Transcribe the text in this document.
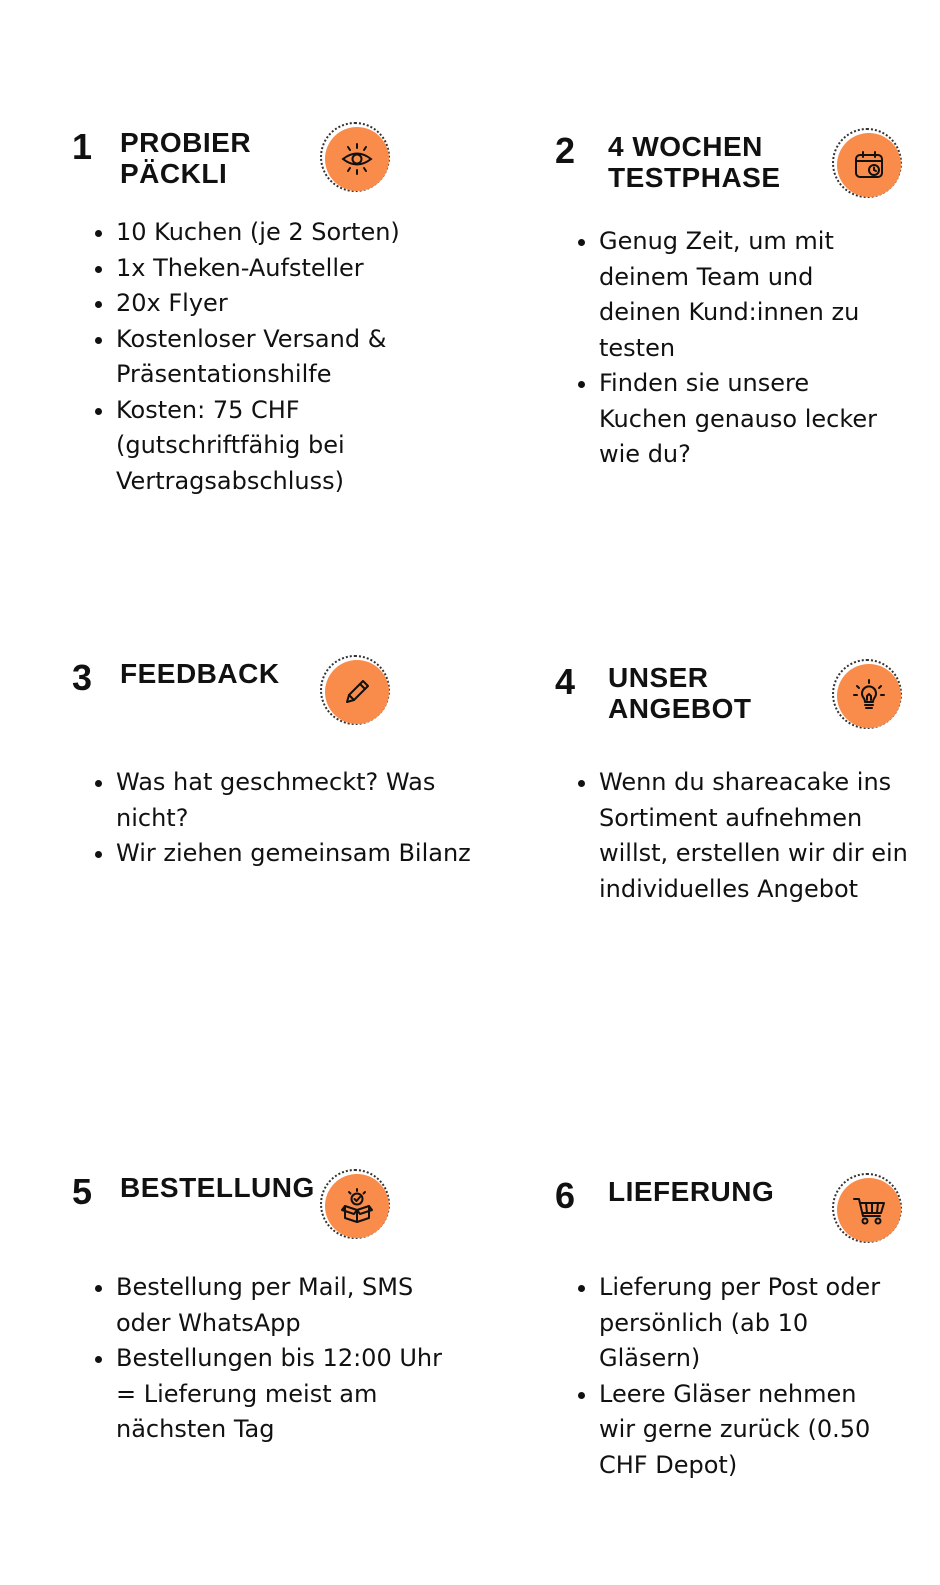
1 PROBIER PÄCKLI
• 10 Kuchen (je 2 Sorten)
• 1x Theken-Aufsteller
• 20x Flyer
• Kostenloser Versand & Präsentationshilfe
• Kosten: 75 CHF (gutschriftfähig bei Vertragsabschluss)
2 4 WOCHEN TESTPHASE
• Genug Zeit, um mit deinem Team und deinen Kund:innen zu testen
• Finden sie unsere Kuchen genauso lecker wie du?
3 FEEDBACK
• Was hat geschmeckt? Was nicht?
• Wir ziehen gemeinsam Bilanz
4 UNSER ANGEBOT
• Wenn du shareacake ins Sortiment aufnehmen willst, erstellen wir dir ein individuelles Angebot
5 BESTELLUNG
• Bestellung per Mail, SMS oder WhatsApp
• Bestellungen bis 12:00 Uhr = Lieferung meist am nächsten Tag
6 LIEFERUNG
• Lieferung per Post oder persönlich (ab 10 Gläsern)
• Leere Gläser nehmen wir gerne zurück (0.50 CHF Depot)
